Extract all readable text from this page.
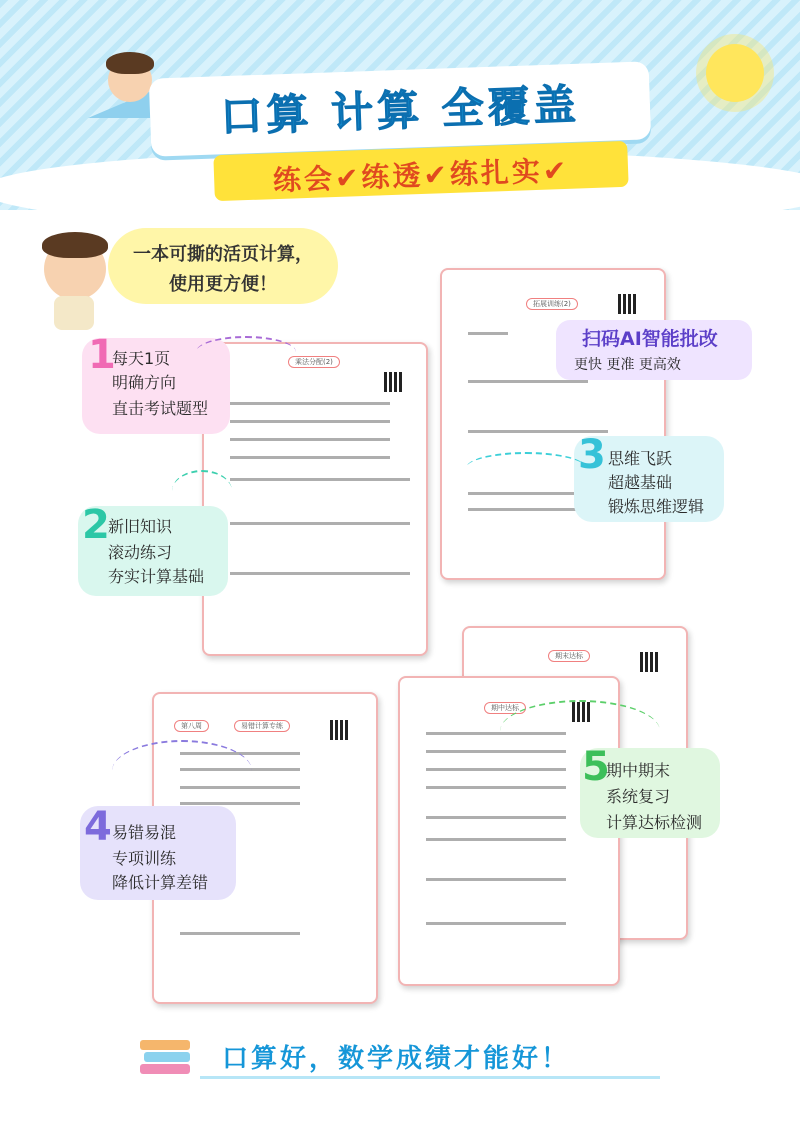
口算 计算 全覆盖
练会✔练透✔练扎实✔
一本可撕的活页计算，
使用更方便！
乘法分配(2)
拓展训练(2)
第八周	易错计算专练
期末达标
期中达标
扫码AI智能批改
更快 更准 更高效
1
每天1页
明确方向
直击考试题型
2
新旧知识
滚动练习
夯实计算基础
3 思维飞跃
超越基础
锻炼思维逻辑
4 易错易混
专项训练
降低计算差错
5
期中期末
系统复习
计算达标检测
口算好，数学成绩才能好！
